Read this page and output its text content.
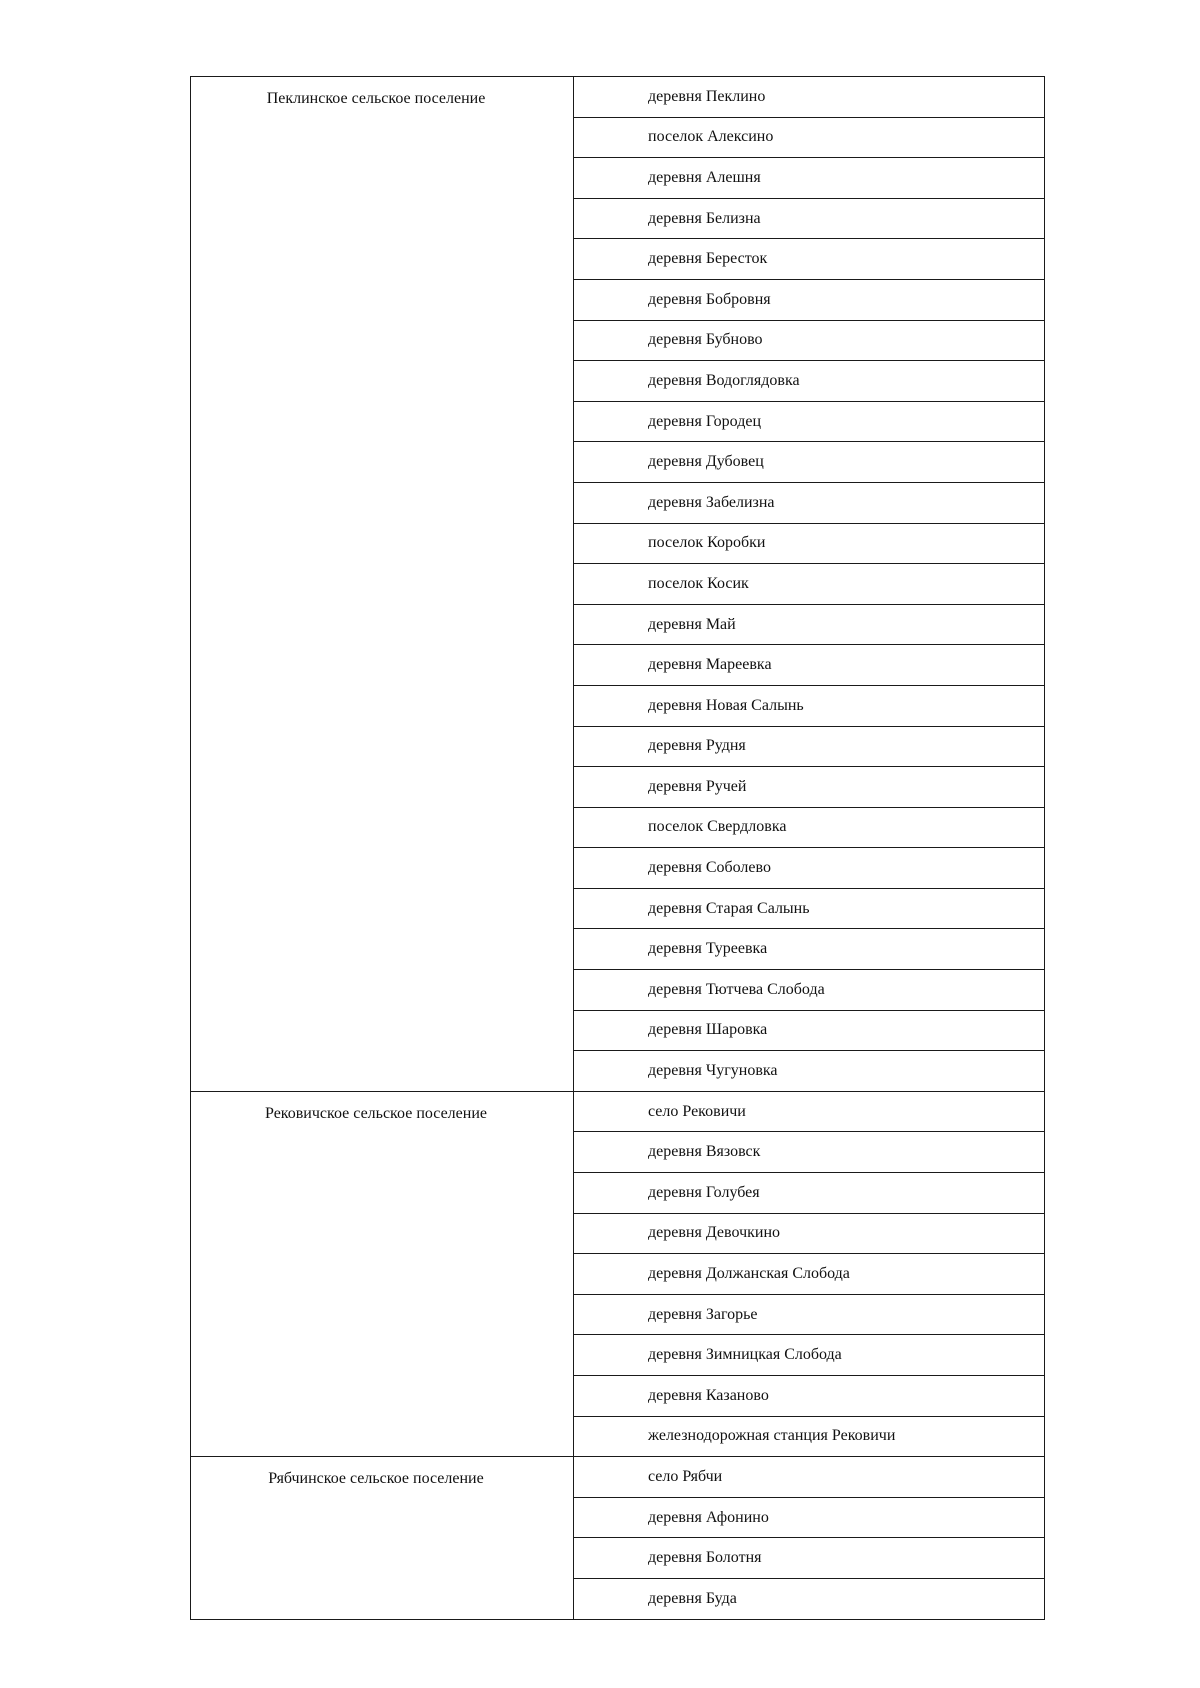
Пеклинское сельское поселение	деревня Пеклино
	поселок Алексино
	деревня Алешня
	деревня Белизна
	деревня Бересток
	деревня Бобровня
	деревня Бубново
	деревня Водоглядовка
	деревня Городец
	деревня Дубовец
	деревня Забелизна
	поселок Коробки
	поселок Косик
	деревня Май
	деревня Мареевка
	деревня Новая Салынь
	деревня Рудня
	деревня Ручей
	поселок Свердловка
	деревня Соболево
	деревня Старая Салынь
	деревня Туреевка
	деревня Тютчева Слобода
	деревня Шаровка
	деревня Чугуновка
Рековичское сельское поселение	село Рековичи
	деревня Вязовск
	деревня Голубея
	деревня Девочкино
	деревня Должанская Слобода
	деревня Загорье
	деревня Зимницкая Слобода
	деревня Казаново
	железнодорожная станция Рековичи
Рябчинское сельское поселение	село Рябчи
	деревня Афонино
	деревня Болотня
	деревня Буда
